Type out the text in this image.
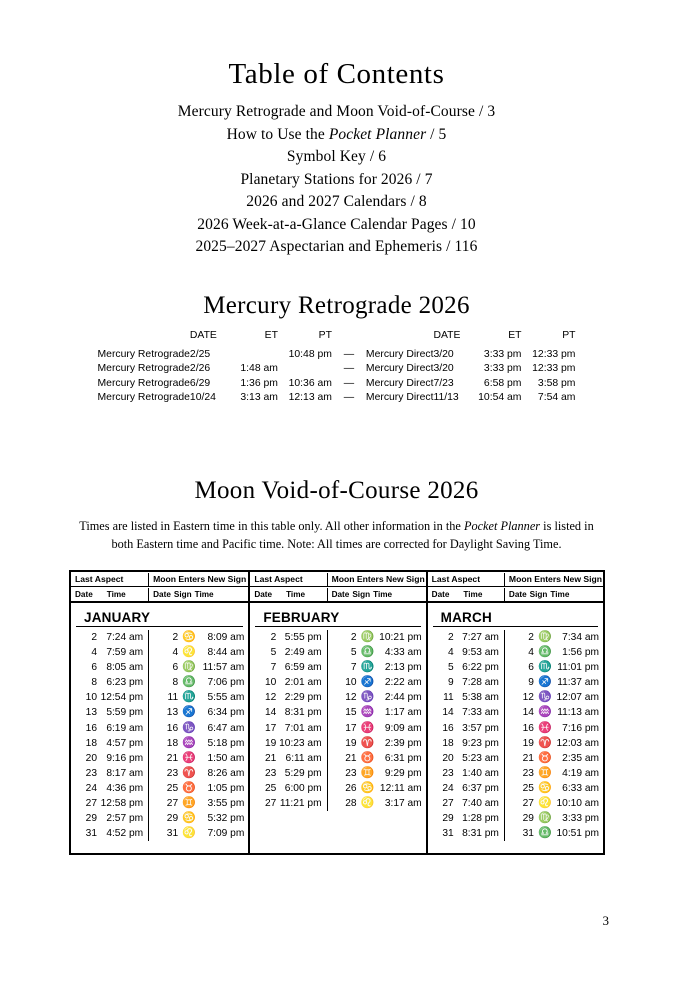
Table of Contents
Mercury Retrograde and Moon Void-of-Course / 3
How to Use the Pocket Planner / 5
Symbol Key / 6
Planetary Stations for 2026 / 7
2026 and 2027 Calendars / 8
2026 Week-at-a-Glance Calendar Pages / 10
2025–2027 Aspectarian and Ephemeris / 116
Mercury Retrograde 2026
	DATE	ET	PT			DATE	ET	PT
Mercury Retrograde	2/25		10:48 pm	—	Mercury Direct	3/20	3:33 pm	12:33 pm
Mercury Retrograde	2/26	1:48 am		—	Mercury Direct	3/20	3:33 pm	12:33 pm
Mercury Retrograde	6/29	1:36 pm	10:36 am	—	Mercury Direct	7/23	6:58 pm	3:58 pm
Mercury Retrograde	10/24	3:13 am	12:13 am	—	Mercury Direct	11/13	10:54 am	7:54 am
Moon Void-of-Course 2026
Times are listed in Eastern time in this table only. All other information in the Pocket Planner is listed in both Eastern time and Pacific time. Note: All times are corrected for Daylight Saving Time.
Last Aspect	Moon Enters New Sign
Date Time	Date Sign Time
Last Aspect	Moon Enters New Sign
Date Time	Date Sign Time
Last Aspect	Moon Enters New Sign
Date Time	Date Sign Time
JANUARY
2 7:24 am	2 ♋	8:09 am
4 7:59 am	4 ♌	8:44 am
6 8:05 am	6 ♍ 11:57 am
8 6:23 pm	8 ♎	7:06 pm
10 12:54 pm	11 ♏	5:55 am
13 5:59 pm	13 ♐	6:34 pm
16 6:19 am	16 ♑	6:47 am
18 4:57 pm	18 ♒	5:18 pm
20 9:16 pm	21 ♓	1:50 am
23 8:17 am	23 ♈	8:26 am
24 4:36 pm	25 ♉	1:05 pm
27 12:58 pm	27 ♊	3:55 pm
29 2:57 pm	29 ♋	5:32 pm
31 4:52 pm	31 ♌	7:09 pm
FEBRUARY
2 5:55 pm	2 ♍ 10:21 pm
5 2:49 am	5 ♎	4:33 am
7 6:59 am	7 ♏	2:13 pm
10 2:01 am	10 ♐	2:22 am
12 2:29 pm	12 ♑	2:44 pm
14 8:31 pm	15 ♒	1:17 am
17 7:01 am	17 ♓	9:09 am
19 10:23 am	19 ♈	2:39 pm
21 6:11 am	21 ♉	6:31 pm
23 5:29 pm	23 ♊	9:29 pm
25 6:00 pm	26 ♋ 12:11 am
27 11:21 pm	28 ♌	3:17 am
MARCH
2 7:27 am	2 ♍	7:34 am
4 9:53 am	4 ♎	1:56 pm
5 6:22 pm	6 ♏ 11:01 pm
9 7:28 am	9 ♐ 11:37 am
11 5:38 am	12 ♑ 12:07 am
14 7:33 am	14 ♒ 11:13 am
16 3:57 pm	16 ♓	7:16 pm
18 9:23 pm	19 ♈ 12:03 am
20 5:23 am	21 ♉	2:35 am
23 1:40 am	23 ♊	4:19 am
24 6:37 pm	25 ♋	6:33 am
27 7:40 am	27 ♌ 10:10 am
29 1:28 pm	29 ♍	3:33 pm
31 8:31 pm	31 ♎ 10:51 pm
3
